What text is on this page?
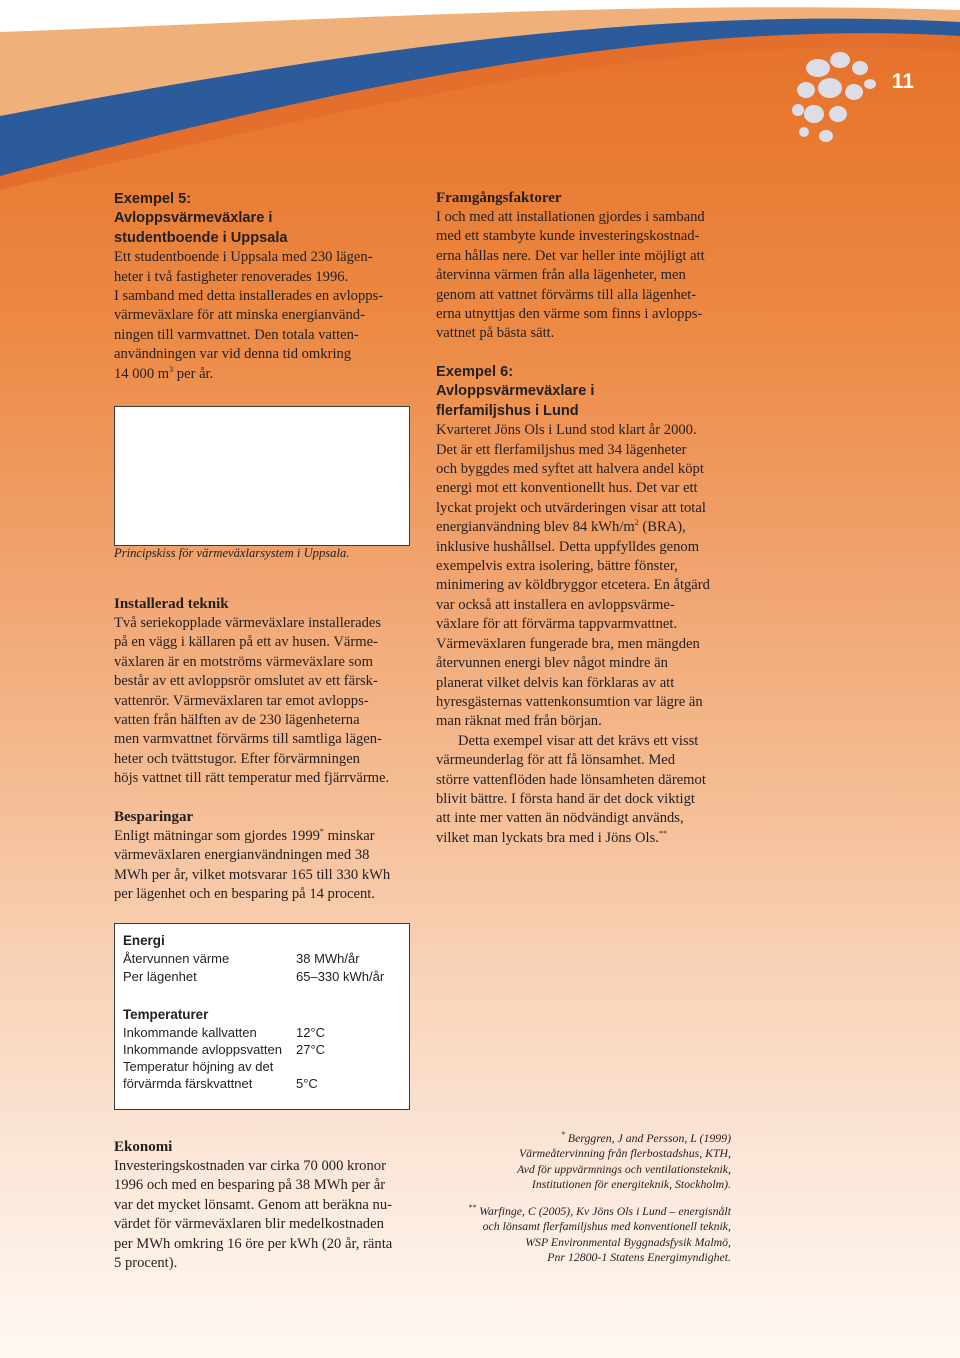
11
Exempel 5:
Avloppsvärmeväxlare i
studentboende i Uppsala
Ett studentboende i Uppsala med 230 lägen-
heter i två fastigheter renoverades 1996.
I samband med detta installerades en avlopps-
värmeväxlare för att minska energianvänd-
ningen till varmvattnet. Den totala vatten-
användningen var vid denna tid omkring
14 000 $m^3$ per år.
Principskiss för värmeväxlarsystem i Uppsala.
Installerad teknik
Två seriekopplade värmeväxlare installerades
på en vägg i källaren på ett av husen. Värme-
växlaren är en motströms värmeväxlare som
består av ett avloppsrör omslutet av ett färsk-
vattenrör. Värmeväxlaren tar emot avlopps-
vatten från hälften av de 230 lägenheterna
men varmvattnet förvärms till samtliga lägen-
heter och tvättstugor. Efter förvärmningen
höjs vattnet till rätt temperatur med fjärrvärme.
Besparingar
Enligt mätningar som gjordes 1999* minskar
värmeväxlaren energianvändningen med 38
MWh per år, vilket motsvarar 165 till 330 kWh
per lägenhet och en besparing på 14 procent.
Energi
Återvunnen värme	38 MWh/år
Per lägenhet	65–330 kWh/år
Temperaturer
Inkommande kallvatten	12°C
Inkommande avloppsvatten	27°C
Temperatur höjning av det
förvärmda färskvattnet	5°C
Ekonomi
Investeringskostnaden var cirka 70 000 kronor
1996 och med en besparing på 38 MWh per år
var det mycket lönsamt. Genom att beräkna nu-
värdet för värmeväxlaren blir medelkostnaden
per MWh omkring 16 öre per kWh (20 år, ränta
5 procent).
Framgångsfaktorer
I och med att installationen gjordes i samband
med ett stambyte kunde investeringskostnad-
erna hållas nere. Det var heller inte möjligt att
återvinna värmen från alla lägenheter, men
genom att vattnet förvärms till alla lägenhet-
erna utnyttjas den värme som finns i avlopps-
vattnet på bästa sätt.
Exempel 6:
Avloppsvärmeväxlare i
flerfamiljshus i Lund
Kvarteret Jöns Ols i Lund stod klart år 2000.
Det är ett flerfamiljshus med 34 lägenheter
och byggdes med syftet att halvera andel köpt
energi mot ett konventionellt hus. Det var ett
lyckat projekt och utvärderingen visar att total
energianvändning blev 84 kWh/$m^2$ (BRA),
inklusive hushållsel. Detta uppfylldes genom
exempelvis extra isolering, bättre fönster,
minimering av köldbryggor etcetera. En åtgärd
var också att installera en avloppsvärme-
växlare för att förvärma tappvarmvattnet.
Värmeväxlaren fungerade bra, men mängden
återvunnen energi blev något mindre än
planerat vilket delvis kan förklaras av att
hyresgästernas vattenkonsumtion var lägre än
man räknat med från början.
Detta exempel visar att det krävs ett visst
värmeunderlag för att få lönsamhet. Med
större vattenflöden hade lönsamheten däremot
blivit bättre. I första hand är det dock viktigt
att inte mer vatten än nödvändigt används,
vilket man lyckats bra med i Jöns Ols.**
* Berggren, J and Persson, L (1999)
Värmeåtervinning från flerbostadshus, KTH,
Avd för uppvärmnings och ventilationsteknik,
Institutionen för energiteknik, Stockholm).
** Warfinge, C (2005), Kv Jöns Ols i Lund – energisnålt
och lönsamt flerfamiljshus med konventionell teknik,
WSP Environmental Byggnadsfysik Malmö,
Pnr 12800-1 Statens Energimyndighet.
